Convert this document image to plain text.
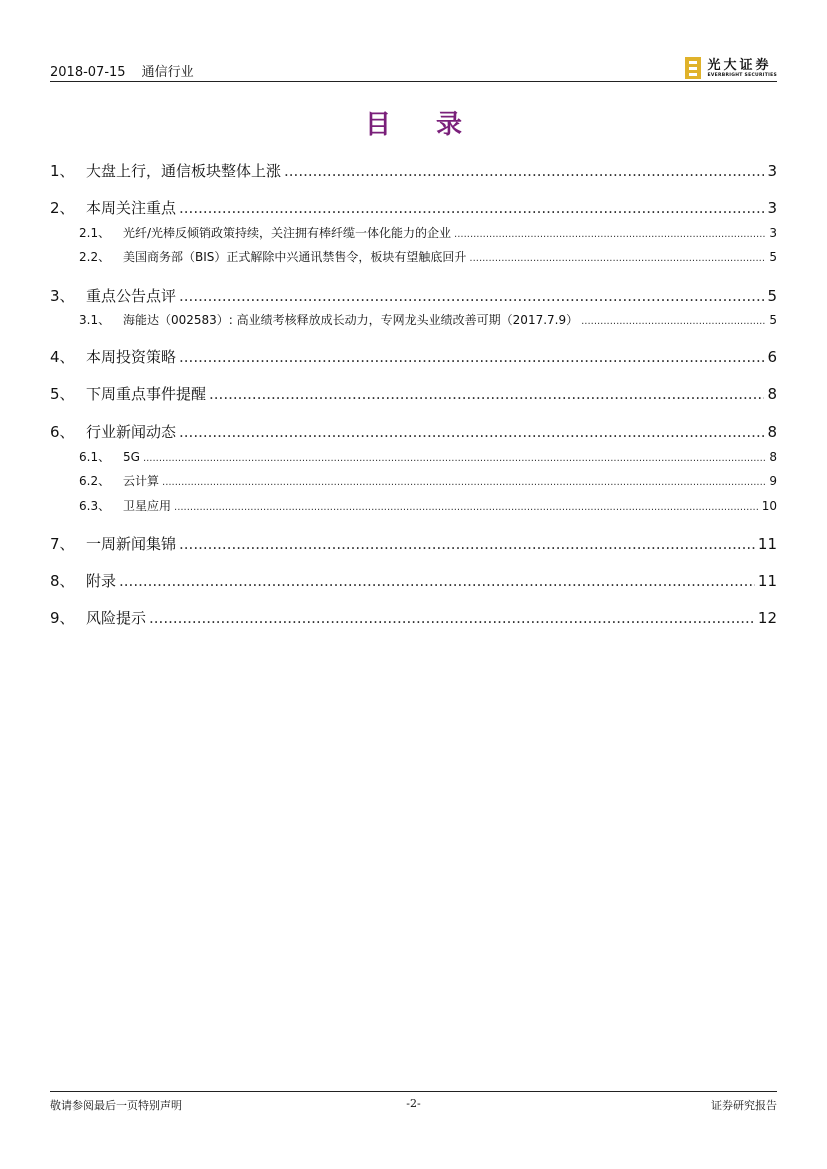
2018-07-15 通信行业	光大证券
EVERBRIGHT SECURITIES
目 录
1、 大盘上行，通信板块整体上涨 .....	3
2、 本周关注重点 .....	3
2.1、	光纤/光棒反倾销政策持续，关注拥有棒纤缆一体化能力的企业 .....	3
2.2、	美国商务部（BIS）正式解除中兴通讯禁售令，板块有望触底回升 .....	5
3、 重点公告点评 .....	5
3.1、	海能达（002583）: 高业绩考核释放成长动力，专网龙头业绩改善可期（2017.7.9） .....	5
4、 本周投资策略 .....	6
5、 下周重点事件提醒 .....	8
6、 行业新闻动态 .....	8
6.1、	5G .....	8
6.2、	云计算 .....	9
6.3、	卫星应用 .....	10
7、 一周新闻集锦 .....	11
8、 附录 .....	11
9、 风险提示 .....	12
敬请参阅最后一页特别声明	-2-	证券研究报告
